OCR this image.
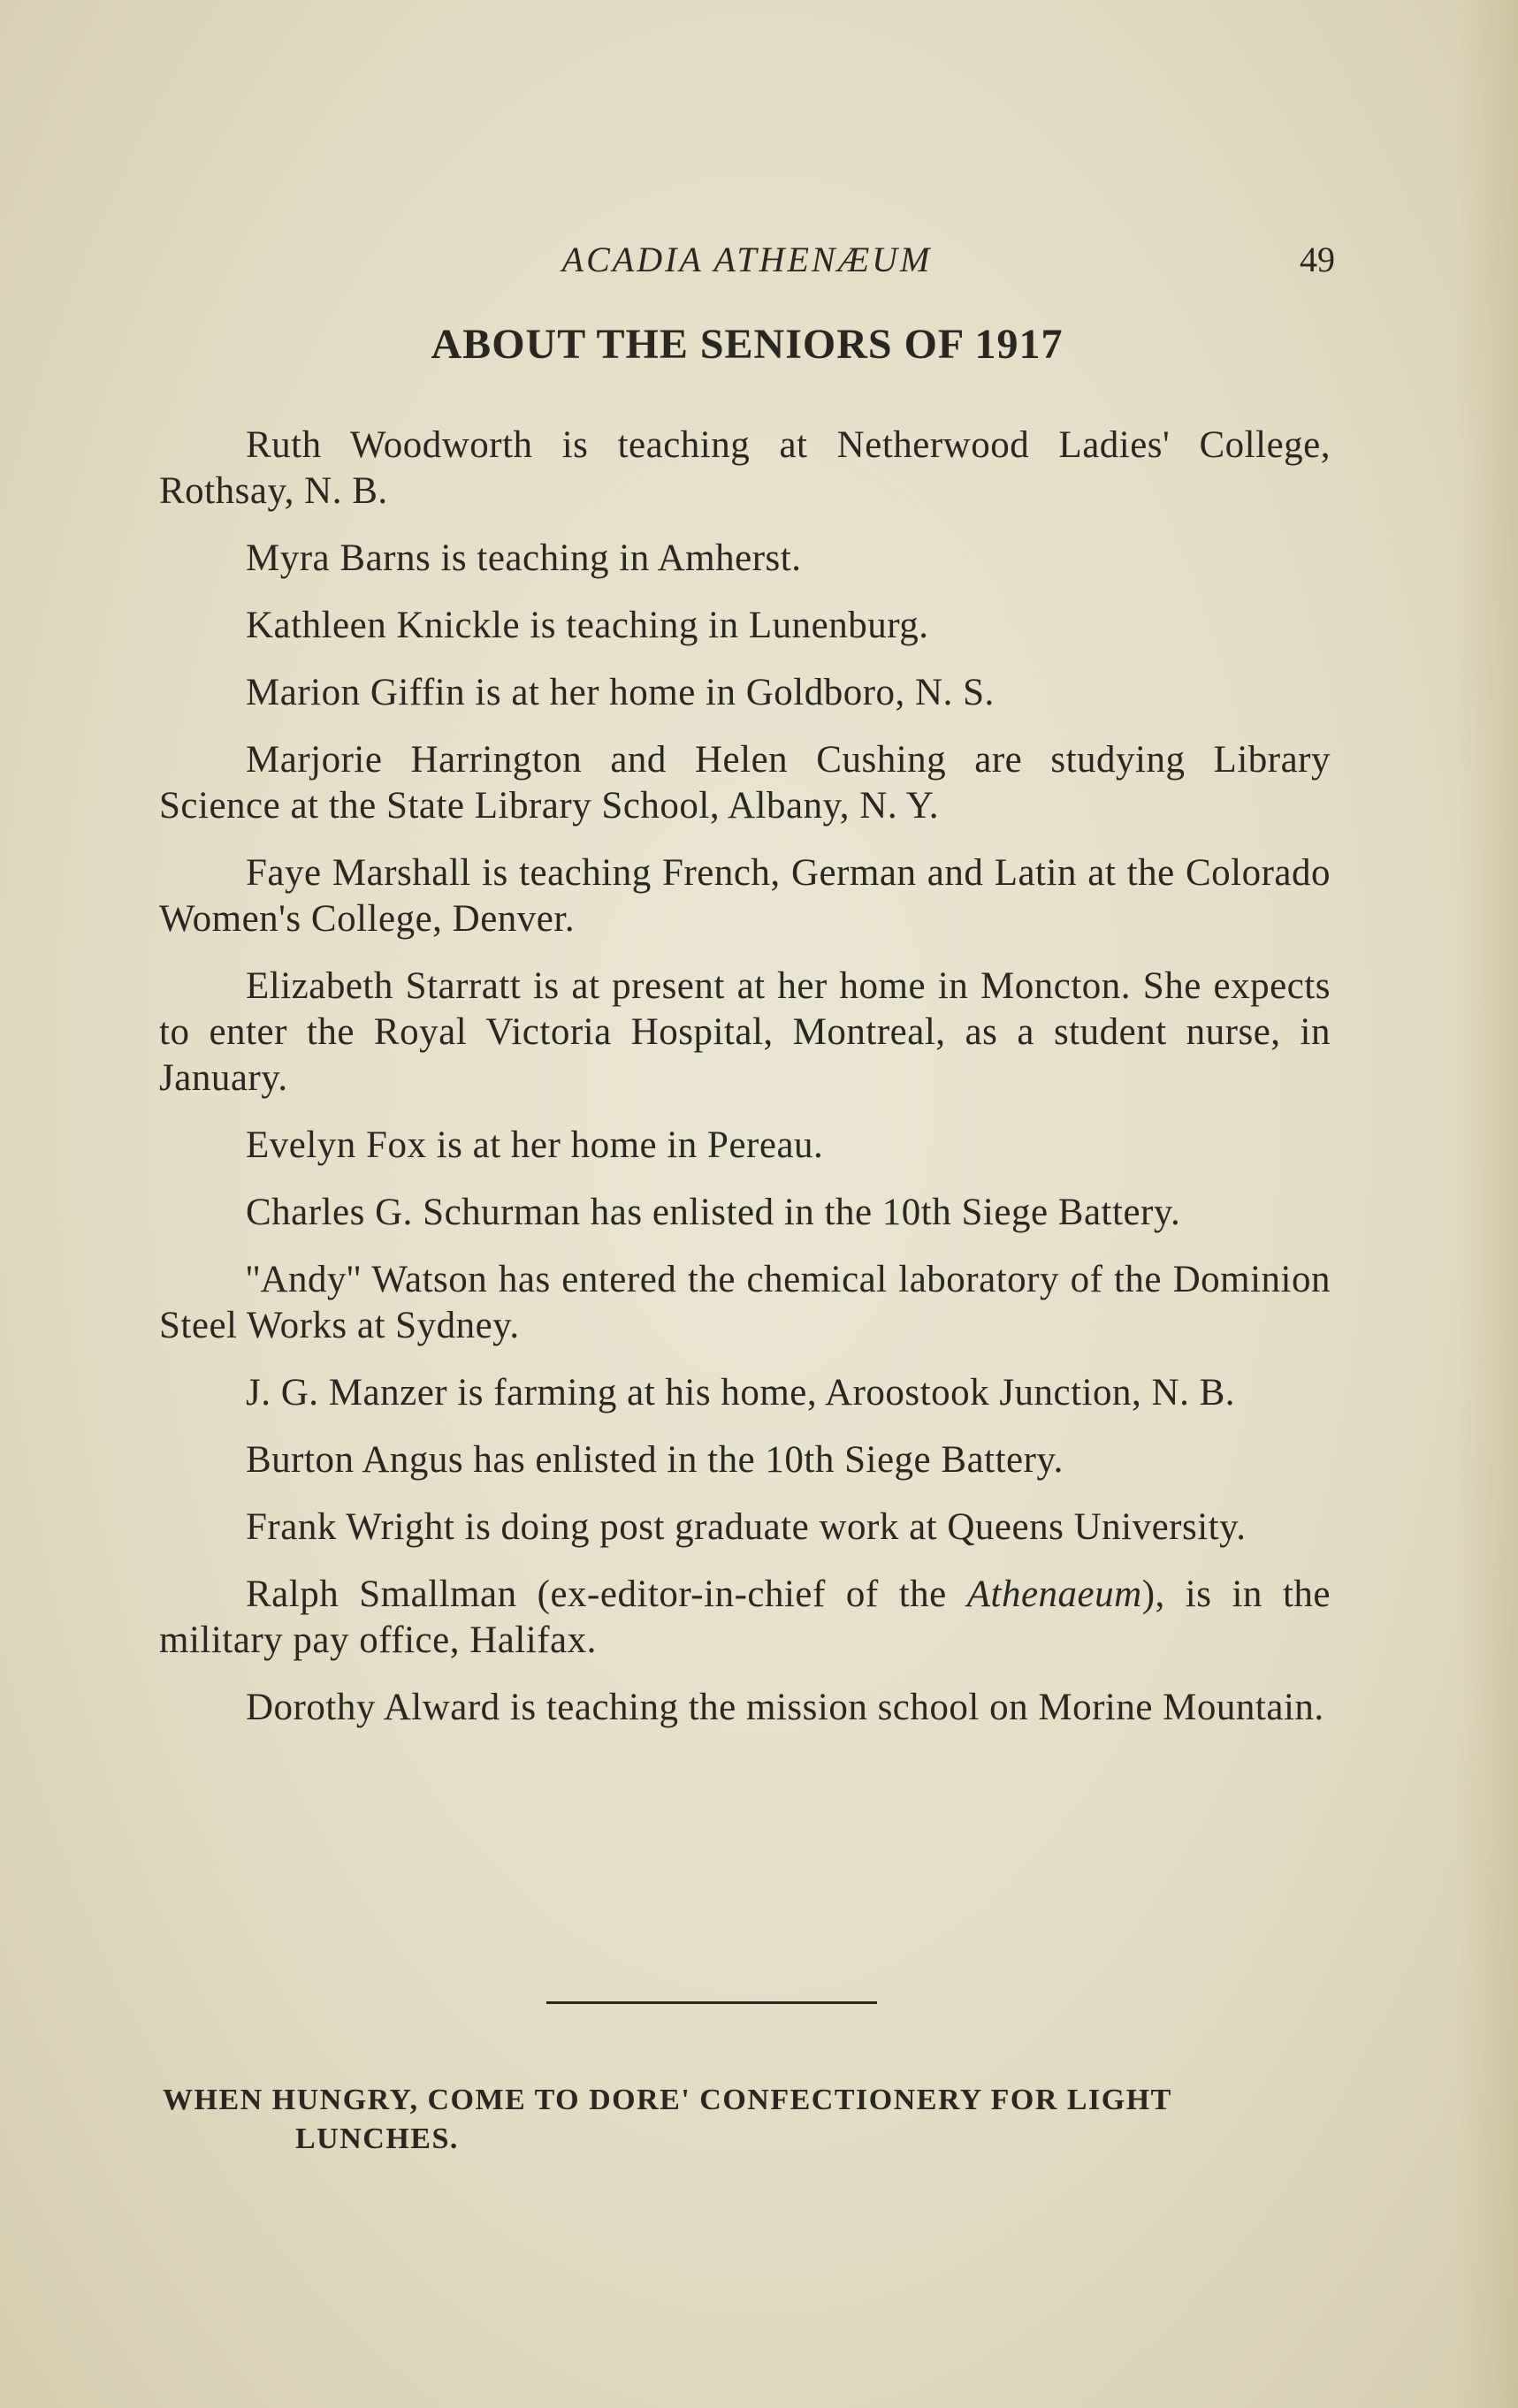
ACADIA ATHENÆUM	49
ABOUT THE SENIORS OF 1917

Ruth Woodworth is teaching at Netherwood Ladies' College, Rothsay, N. B.

Myra Barns is teaching in Amherst.

Kathleen Knickle is teaching in Lunenburg.

Marion Giffin is at her home in Goldboro, N. S.

Marjorie Harrington and Helen Cushing are studying Library Science at the State Library School, Albany, N. Y.

Faye Marshall is teaching French, German and Latin at the Colorado Women's College, Denver.

Elizabeth Starratt is at present at her home in Moncton. She expects to enter the Royal Victoria Hospital, Montreal, as a student nurse, in January.

Evelyn Fox is at her home in Pereau.

Charles G. Schurman has enlisted in the 10th Siege Battery.

''Andy'' Watson has entered the chemical laboratory of the Dominion Steel Works at Sydney.

J. G. Manzer is farming at his home, Aroostook Junction, N. B.

Burton Angus has enlisted in the 10th Siege Battery.

Frank Wright is doing post graduate work at Queens University.

Ralph Smallman (ex-editor-in-chief of the Athenaeum), is in the military pay office, Halifax.

Dorothy Alward is teaching the mission school on Morine Mountain.

WHEN HUNGRY, COME TO DORE' CONFECTIONERY FOR LIGHT
LUNCHES.
